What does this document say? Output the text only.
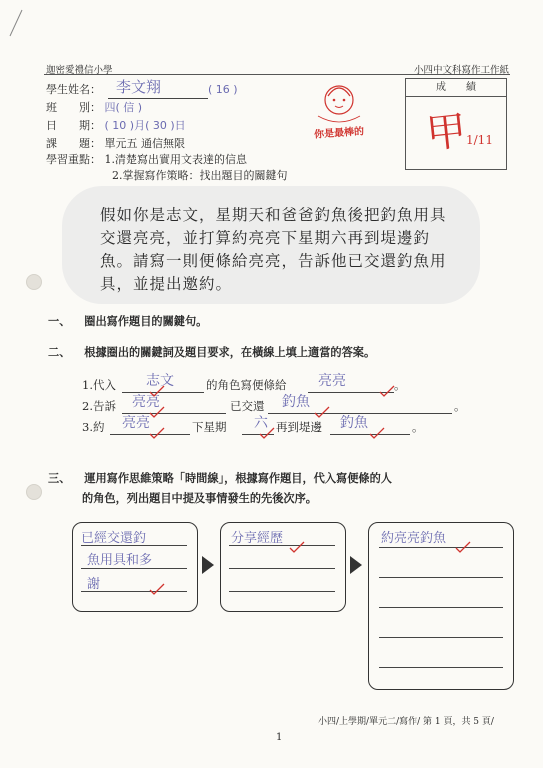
迦密愛禮信小學	小四中文科寫作工作紙
學生姓名： 李文翔	( 16 )
班　　別： 四( 信 )
日　　期： ( 10 )月( 30 )日
課　　題： 單元五 通信無限
學習重點： 1.清楚寫出實用文表達的信息
2.掌握寫作策略：找出題目的關鍵句
你是最棒的
成　　績
甲
1/11

假如你是志文，星期天和爸爸釣魚後把釣魚用具交還亮亮，並打算約亮亮下星期六再到堤邊釣魚。請寫一則便條給亮亮，告訴他已交還釣魚用具，並提出邀約。

一、 圈出寫作題目的關鍵句。
二、 根據圈出的關鍵詞及題目要求，在橫線上填上適當的答案。
1.代入 志文	的角色寫便條給 亮亮	。
2.告訴 亮亮	已交還 釣魚	。
3.約 亮亮	下星期 六 再到堤邊 釣魚	。
三、 運用寫作思維策略「時間線」，根據寫作題目，代入寫便條的人
的角色，列出題目中提及事情發生的先後次序。
已經交還釣
魚用具和多
謝
分享經歷	約亮亮釣魚
小四/上學期/單元二/寫作/ 第 1 頁，共 5 頁/
1
